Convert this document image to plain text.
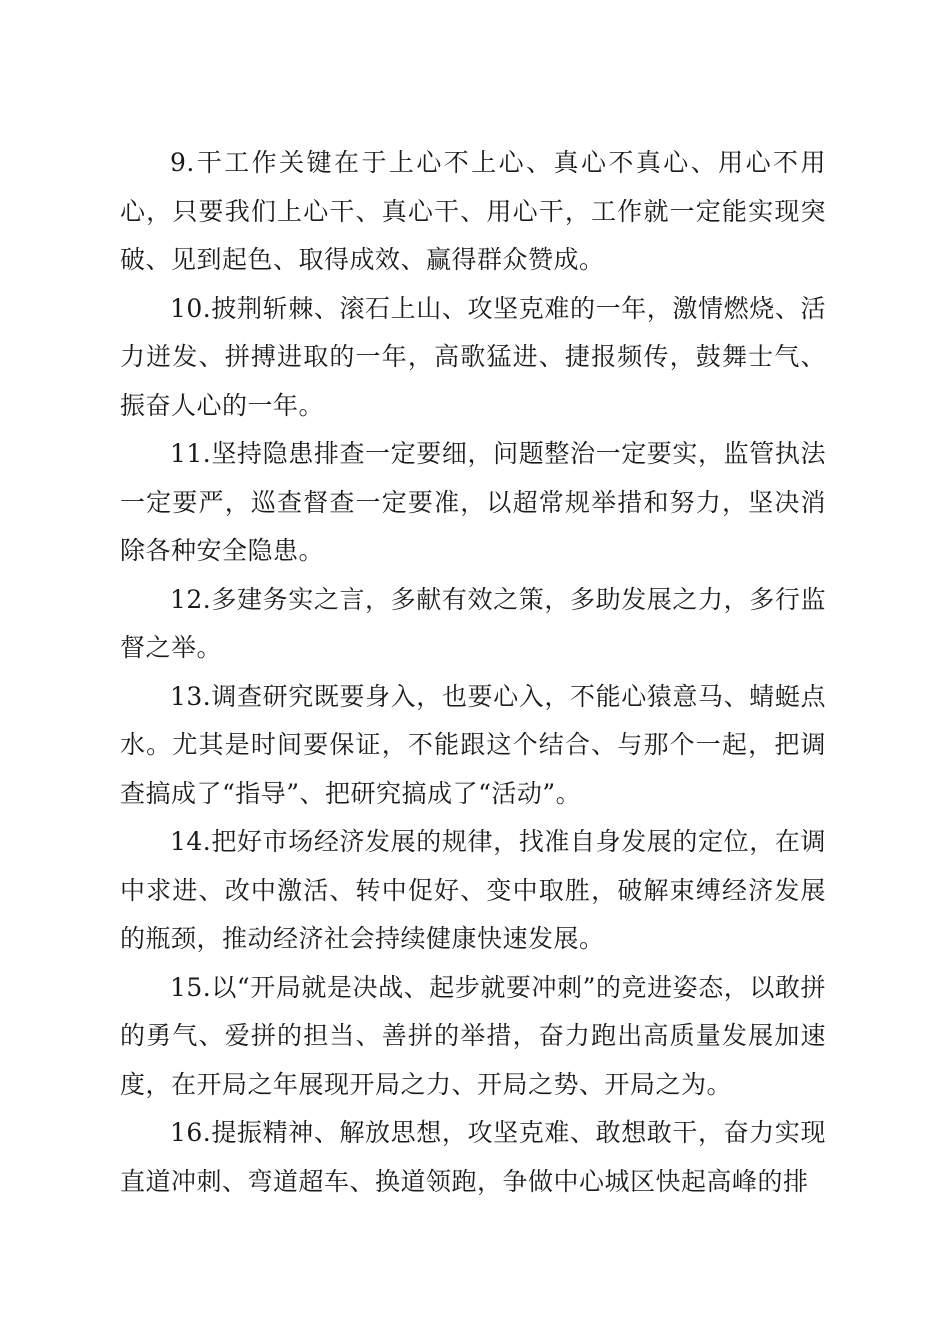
9.干工作关键在于上心不上心、真心不真心、用心不用心，只要我们上心干、真心干、用心干，工作就一定能实现突破、见到起色、取得成效、赢得群众赞成。

10.披荆斩棘、滚石上山、攻坚克难的一年，激情燃烧、活力迸发、拼搏进取的一年，高歌猛进、捷报频传，鼓舞士气、振奋人心的一年。

11.坚持隐患排查一定要细，问题整治一定要实，监管执法一定要严，巡查督查一定要准，以超常规举措和努力，坚决消除各种安全隐患。

12.多建务实之言，多献有效之策，多助发展之力，多行监督之举。

13.调查研究既要身入，也要心入，不能心猿意马、蜻蜓点水。尤其是时间要保证，不能跟这个结合、与那个一起，把调查搞成了“指导”、把研究搞成了“活动”。

14.把好市场经济发展的规律，找准自身发展的定位，在调中求进、改中激活、转中促好、变中取胜，破解束缚经济发展的瓶颈，推动经济社会持续健康快速发展。

15.以“开局就是决战、起步就要冲刺”的竞进姿态，以敢拼的勇气、爱拼的担当、善拼的举措，奋力跑出高质量发展加速度，在开局之年展现开局之力、开局之势、开局之为。

16.提振精神、解放思想，攻坚克难、敢想敢干，奋力实现直道冲刺、弯道超车、换道领跑，争做中心城区快起高峰的排
